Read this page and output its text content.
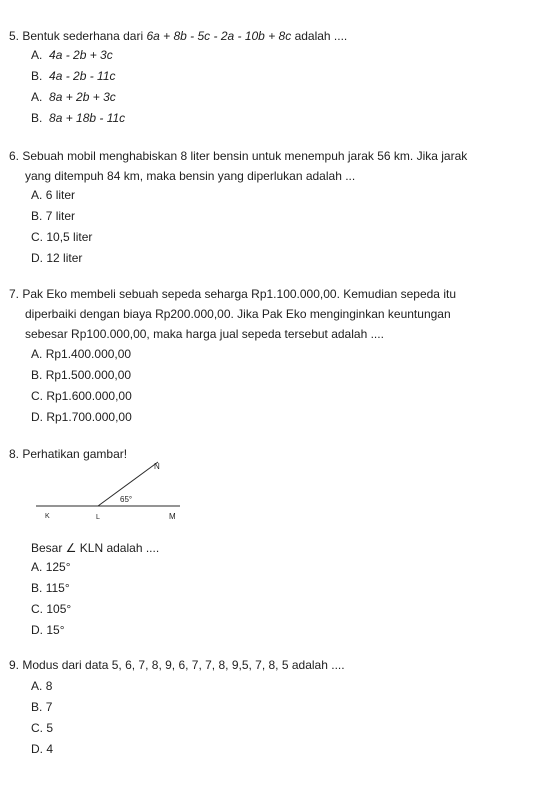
5. Bentuk sederhana dari 6a + 8b - 5c - 2a - 10b + 8c adalah ....
A. 4a - 2b + 3c
B. 4a - 2b - 11c
A. 8a + 2b + 3c
B. 8a + 18b - 11c
6. Sebuah mobil menghabiskan 8 liter bensin untuk menempuh jarak 56 km. Jika jarak
yang ditempuh 84 km, maka bensin yang diperlukan adalah ...
A. 6 liter
B. 7 liter
C. 10,5 liter
D. 12 liter
7. Pak Eko membeli sebuah sepeda seharga Rp1.100.000,00. Kemudian sepeda itu
diperbaiki dengan biaya Rp200.000,00. Jika Pak Eko menginginkan keuntungan
sebesar Rp100.000,00, maka harga jual sepeda tersebut adalah ....
A. Rp1.400.000,00
B. Rp1.500.000,00
C. Rp1.600.000,00
D. Rp1.700.000,00
8. Perhatikan gambar!
N
65°
K	L	M
Besar ∠ KLN adalah ....
A. 125°
B. 115°
C. 105°
D. 15°
9. Modus dari data 5, 6, 7, 8, 9, 6, 7, 7, 8, 9,5, 7, 8, 5 adalah ....
A. 8
B. 7
C. 5
D. 4
